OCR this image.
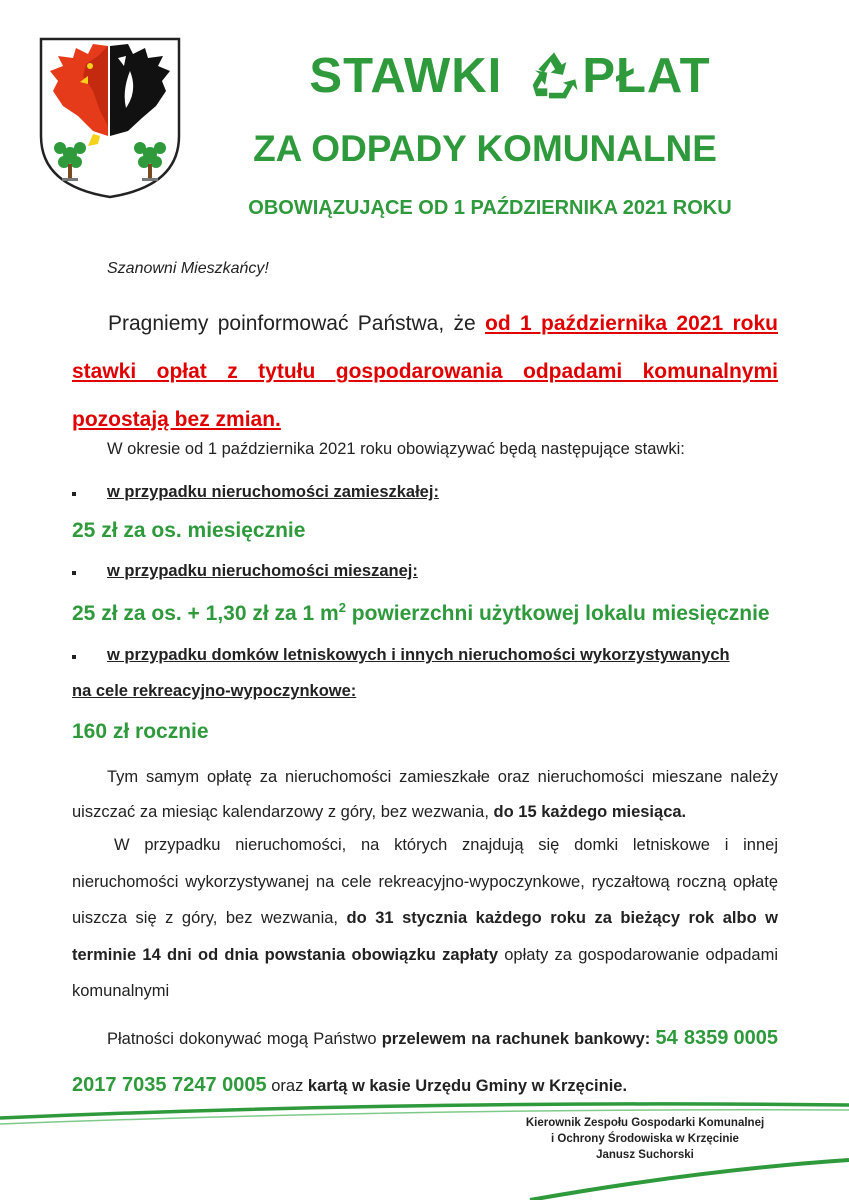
STAWKI PŁAT
ZA ODPADY KOMUNALNE
OBOWIĄZUJĄCE OD 1 PAŹDZIERNIKA 2021 ROKU
Szanowni Mieszkańcy!
Pragniemy poinformować Państwa, że od 1 października 2021 roku stawki opłat z tytułu gospodarowania odpadami komunalnymi pozostają bez zmian.
W okresie od 1 października 2021 roku obowiązywać będą następujące stawki:
w przypadku nieruchomości zamieszkałej:
25 zł za os. miesięcznie
w przypadku nieruchomości mieszanej:
25 zł za os. + 1,30 zł za 1 $m^2$ powierzchni użytkowej lokalu miesięcznie
w przypadku domków letniskowych i innych nieruchomości wykorzystywanych
na cele rekreacyjno-wypoczynkowe:
160 zł rocznie
Tym samym opłatę za nieruchomości zamieszkałe oraz nieruchomości mieszane należy uiszczać za miesiąc kalendarzowy z góry, bez wezwania, do 15 każdego miesiąca.
W przypadku nieruchomości, na których znajdują się domki letniskowe i innej nieruchomości wykorzystywanej na cele rekreacyjno-wypoczynkowe, ryczałtową roczną opłatę uiszcza się z góry, bez wezwania, do 31 stycznia każdego roku za bieżący rok albo w terminie 14 dni od dnia powstania obowiązku zapłaty opłaty za gospodarowanie odpadami komunalnymi
Płatności dokonywać mogą Państwo przelewem na rachunek bankowy: 54 8359 0005 2017 7035 7247 0005 oraz kartą w kasie Urzędu Gminy w Krzęcinie.
Kierownik Zespołu Gospodarki Komunalnej
i Ochrony Środowiska w Krzęcinie
Janusz Suchorski
